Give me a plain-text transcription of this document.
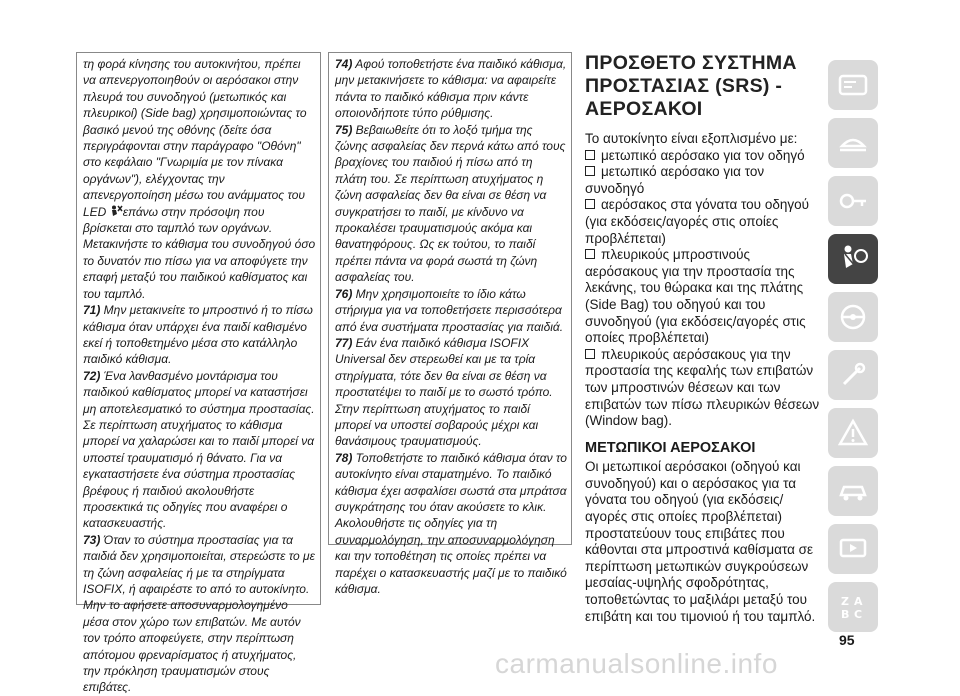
τη φορά κίνησης του αυτοκινήτου, πρέπει να απενεργοποιηθούν οι αερόσακοι στην πλευρά του συνοδηγού (μετωπικός και πλευρικοί) (Side bag) χρησιμοποιώντας το βασικό μενού της οθόνης (δείτε όσα περιγράφονται στην παράγραφο "Οθόνη" στο κεφάλαιο "Γνωριμία με τον πίνακα οργάνων"), ελέγχοντας την απενεργοποίηση μέσω του ανάμματος του LED επάνω στην πρόσοψη που βρίσκεται στο ταμπλό των οργάνων. Μετακινήστε το κάθισμα του συνοδηγού όσο το δυνατόν πιο πίσω για να αποφύγετε την επαφή μεταξύ του παιδικού καθίσματος και του ταμπλό.

71) Μην μετακινείτε το μπροστινό ή το πίσω κάθισμα όταν υπάρχει ένα παιδί καθισμένο εκεί ή τοποθετημένο μέσα στο κατάλληλο παιδικό κάθισμα.

72) Ένα λανθασμένο μοντάρισμα του παιδικού καθίσματος μπορεί να καταστήσει μη αποτελεσματικό το σύστημα προστασίας. Σε περίπτωση ατυχήματος το κάθισμα μπορεί να χαλαρώσει και το παιδί μπορεί να υποστεί τραυματισμό ή θάνατο. Για να εγκαταστήσετε ένα σύστημα προστασίας βρέφους ή παιδιού ακολουθήστε προσεκτικά τις οδηγίες που αναφέρει ο κατασκευαστής.

73) Όταν το σύστημα προστασίας για τα παιδιά δεν χρησιμοποιείται, στερεώστε το με τη ζώνη ασφαλείας ή με τα στηρίγματα ISOFIX, ή αφαιρέστε το από το αυτοκίνητο. Μην το αφήσετε αποσυναρμολογημένο μέσα στον χώρο των επιβατών. Με αυτόν τον τρόπο αποφεύγετε, στην περίπτωση απότομου φρεναρίσματος ή ατυχήματος, την πρόκληση τραυματισμών στους επιβάτες.

74) Αφού τοποθετήστε ένα παιδικό κάθισμα, μην μετακινήσετε το κάθισμα: να αφαιρείτε πάντα το παιδικό κάθισμα πριν κάντε οποιονδήποτε τύπο ρύθμισης.

75) Βεβαιωθείτε ότι το λοξό τμήμα της ζώνης ασφαλείας δεν περνά κάτω από τους βραχίονες του παιδιού ή πίσω από τη πλάτη του. Σε περίπτωση ατυχήματος η ζώνη ασφαλείας δεν θα είναι σε θέση να συγκρατήσει το παιδί, με κίνδυνο να προκαλέσει τραυματισμούς ακόμα και θανατηφόρους. Ως εκ τούτου, το παιδί πρέπει πάντα να φορά σωστά τη ζώνη ασφαλείας του.

76) Μην χρησιμοποιείτε το ίδιο κάτω στήριγμα για να τοποθετήσετε περισσότερα από ένα συστήματα προστασίας για παιδιά.

77) Εάν ένα παιδικό κάθισμα ISOFIX Universal δεν στερεωθεί και με τα τρία στηρίγματα, τότε δεν θα είναι σε θέση να προστατέψει το παιδί με το σωστό τρόπο. Στην περίπτωση ατυχήματος το παιδί μπορεί να υποστεί σοβαρούς μέχρι και θανάσιμους τραυματισμούς.

78) Τοποθετήστε το παιδικό κάθισμα όταν το αυτοκίνητο είναι σταματημένο. Το παιδικό κάθισμα έχει ασφαλίσει σωστά στα μπράτσα συγκράτησης του όταν ακούσετε το κλικ. Ακολουθήστε τις οδηγίες για τη συναρμολόγηση, την αποσυναρμολόγηση και την τοποθέτηση τις οποίες πρέπει να παρέχει ο κατασκευαστής μαζί με το παιδικό κάθισμα.

ΠΡΟΣΘΕΤΟ ΣΥΣΤΗΜΑ ΠΡΟΣΤΑΣΙΑΣ (SRS) - ΑΕΡΟΣΑΚΟΙ

Το αυτοκίνητο είναι εξοπλισμένο με:

μετωπικό αερόσακο για τον οδηγό

μετωπικό αερόσακο για τον συνοδηγό

αερόσακος στα γόνατα του οδηγού (για εκδόσεις/αγορές στις οποίες προβλέπεται)

πλευρικούς μπροστινούς αερόσακους για την προστασία της λεκάνης, του θώρακα και της πλάτης (Side Bag) του οδηγού και του συνοδηγού (για εκδόσεις/αγορές στις οποίες προβλέπεται)

πλευρικούς αερόσακους για την προστασία της κεφαλής των επιβατών των μπροστινών θέσεων και των επιβατών των πίσω πλευρικών θέσεων (Window bag).

ΜΕΤΩΠΙΚΟΙ ΑΕΡΟΣΑΚΟΙ

Οι μετωπικοί αερόσακοι (οδηγού και συνοδηγού) και ο αερόσακος για τα γόνατα του οδηγού (για εκδόσεις/αγορές στις οποίες προβλέπεται) προστατεύουν τους επιβάτες που κάθονται στα μπροστινά καθίσματα σε περίπτωση μετωπικών συγκρούσεων μεσαίας-υψηλής σφοδρότητας, τοποθετώντας το μαξιλάρι μεταξύ του επιβάτη και του τιμονιού ή του ταμπλό.

Z A
B C
95
carmanualsonline.info
